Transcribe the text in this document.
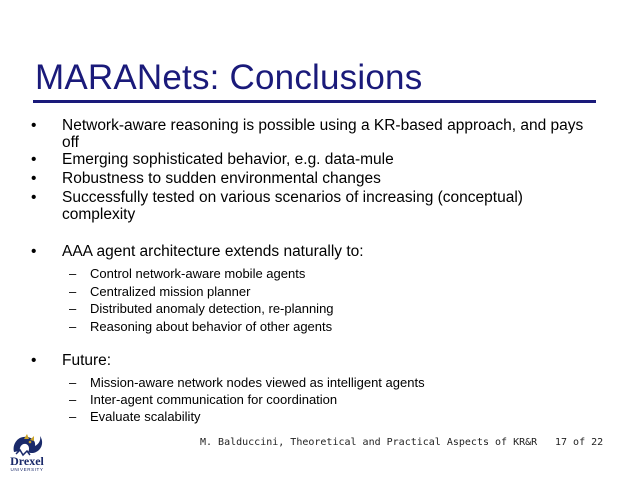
MARANets: Conclusions
• Network-aware reasoning is possible using a KR-based approach, and pays off
• Emerging sophisticated behavior, e.g. data-mule
• Robustness to sudden environmental changes
• Successfully tested on various scenarios of increasing (conceptual) complexity
• AAA agent architecture extends naturally to:
– Control network-aware mobile agents
– Centralized mission planner
– Distributed anomaly detection, re-planning
– Reasoning about behavior of other agents
• Future:
– Mission-aware network nodes viewed as intelligent agents
– Inter-agent communication for coordination
– Evaluate scalability
Drexel
UNIVERSITY
M. Balduccini, Theoretical and Practical Aspects of KR&R 17 of 22
